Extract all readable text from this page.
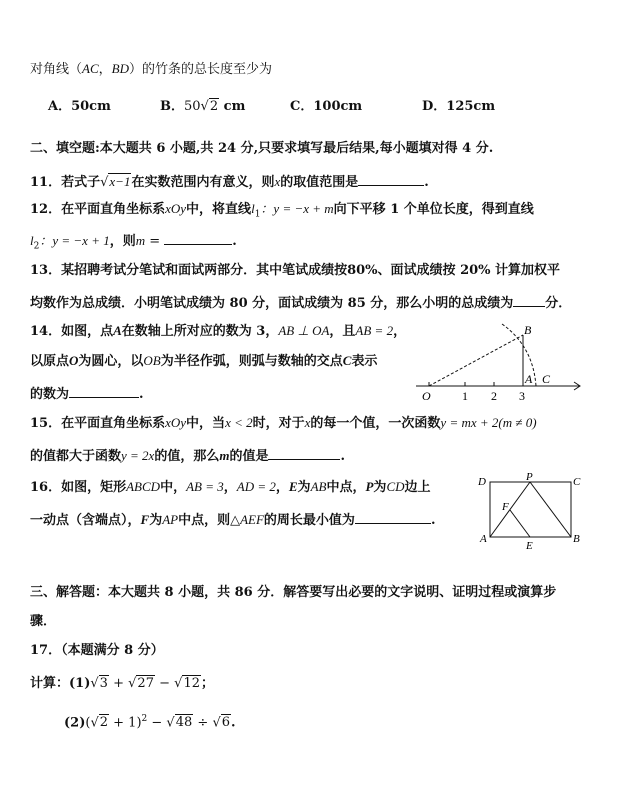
对角线（AC，BD）的竹条的总长度至少为
A．50cm	B．50√2 cm	C．100cm	D．125cm
二、填空题:本大题共 6 小题,共 24 分,只要求填写最后结果,每小题填对得 4 分.
11．若式子√x−1在实数范围内有意义，则x的取值范围是	.
12．在平面直角坐标系xOy中，将直线$l_1$：y = −x + m向下平移 1 个单位长度，得到直线
$l_2$：y = −x + 1，则m =	.
13．某招聘考试分笔试和面试两部分．其中笔试成绩按80%、面试成绩按 20% 计算加权平
均数作为总成绩．小明笔试成绩为 80 分，面试成绩为 85 分，那么小明的总成绩为 分．
14．如图，点A在数轴上所对应的数为 3，AB ⊥ OA，且AB = 2，
以原点O为圆心，以OB为半径作弧，则弧与数轴的交点C表示
的数为	.	O	1 2 3
A C
B
15．在平面直角坐标系xOy中，当x < 2时，对于x的每一个值，一次函数y = mx + 2(m ≠ 0)
的值都大于函数y = 2x的值，那么m的值是	.
16．如图，矩形ABCD中，AB = 3，AD = 2，E为AB中点，P为CD边上
一动点（含端点），F为AP中点，则△AEF的周长最小值为	.
D	P	C
F
A
E
B
三、解答题：本大题共 8 小题，共 86 分．解答要写出必要的文字说明、证明过程或演算步
骤．
17．（本题满分 8 分）
计算：(1)√3 + √27 − √12；
$(2)(√2 + 1)^2 - √48 \div √6$.
